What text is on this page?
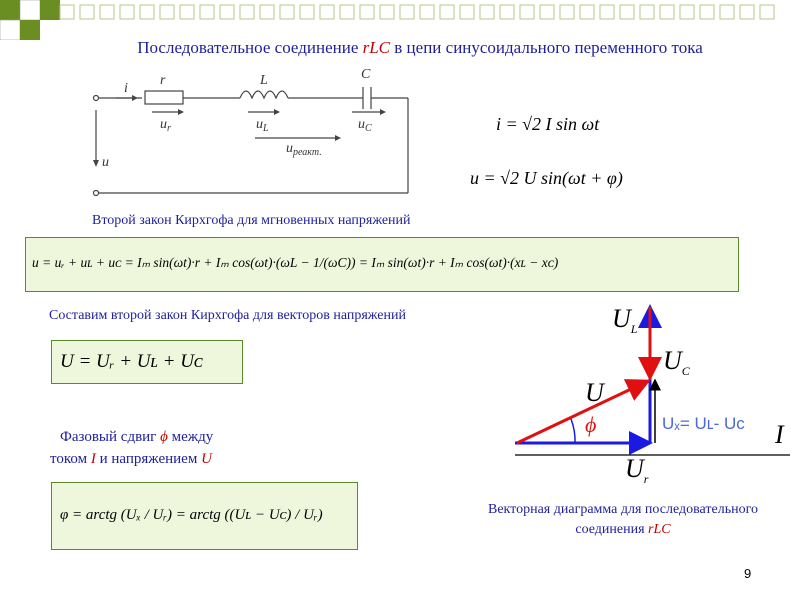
Последовательное соединение rLC в цепи синусоидального переменного тока
i
r	L	C
$u_r$	$u_L$	$u_C$
$u_{реакт.}$
u
i = √2 I sin ωt
u = √2 U sin(ωt + φ)
Второй закон Кирхгофа для мгновенных напряжений
u = uᵣ + uʟ + uᴄ = Iₘ sin(ωt)·r + Iₘ cos(ωt)·(ωL − 1/(ωC)) = Iₘ sin(ωt)·r + Iₘ cos(ωt)·(xʟ − xᴄ)
Составим второй закон Кирхгофа для векторов напряжений
U = Uᵣ + Uʟ + Uᴄ
Фазовый сдвиг ϕ между
током I и напряжением U
φ = arctg (Uₓ / Uᵣ) = arctg ((Uʟ − Uᴄ) / Uᵣ)
ϕ
$U_L$
$U_C$
U
$U_r$
I
Uₓ= Uʟ- Uᴄ
Векторная диаграмма для последовательного
соединения rLC
9
